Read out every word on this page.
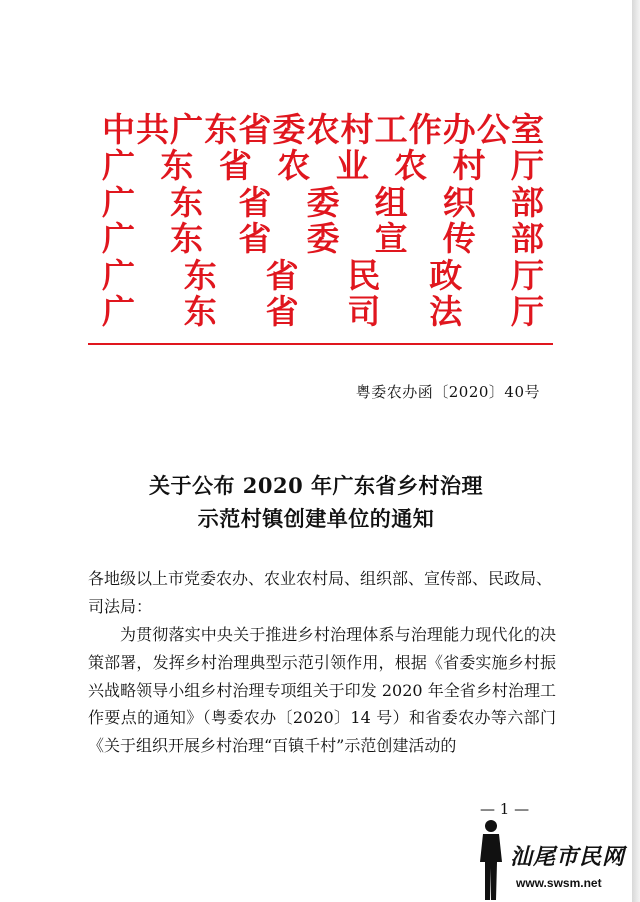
中 共 广 东 省 委 农 村 工 作 办 公 室
广 东 省 农 业 农 村 厅
广 东 省 委 组 织 部
广 东 省 委 宣 传 部
广 东 省 民 政 厅
广 东 省 司 法 厅
粤委农办函〔2020〕40号
关于公布 2020 年广东省乡村治理
示范村镇创建单位的通知
各地级以上市党委农办、农业农村局、组织部、宣传部、民政局、司法局：
为贯彻落实中央关于推进乡村治理体系与治理能力现代化的决策部署，发挥乡村治理典型示范引领作用，根据《省委实施乡村振兴战略领导小组乡村治理专项组关于印发 2020 年全省乡村治理工作要点的通知》（粤委农办〔2020〕14 号）和省委农办等六部门《关于组织开展乡村治理“百镇千村”示范创建活动的
— 1 —
汕尾市民网
www.swsm.net
